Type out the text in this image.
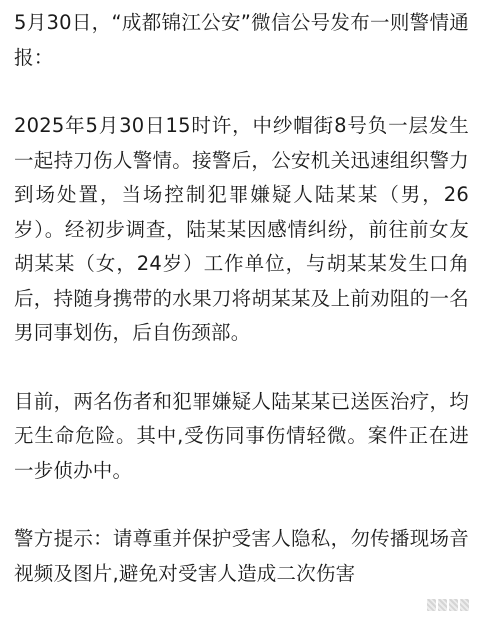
5月30日，“成都锦江公安”微信公号发布一则警情通报：

2025年5月30日15时许，中纱帽街8号负一层发生一起持刀伤人警情。接警后，公安机关迅速组织警力到场处置，当场控制犯罪嫌疑人陆某某（男，26岁）。经初步调查，陆某某因感情纠纷，前往前女友胡某某（女，24岁）工作单位，与胡某某发生口角后，持随身携带的水果刀将胡某某及上前劝阻的一名男同事划伤，后自伤颈部。

目前，两名伤者和犯罪嫌疑人陆某某已送医治疗，均无生命危险。其中,受伤同事伤情轻微。案件正在进一步侦办中。

警方提示：请尊重并保护受害人隐私，勿传播现场音视频及图片,避免对受害人造成二次伤害
